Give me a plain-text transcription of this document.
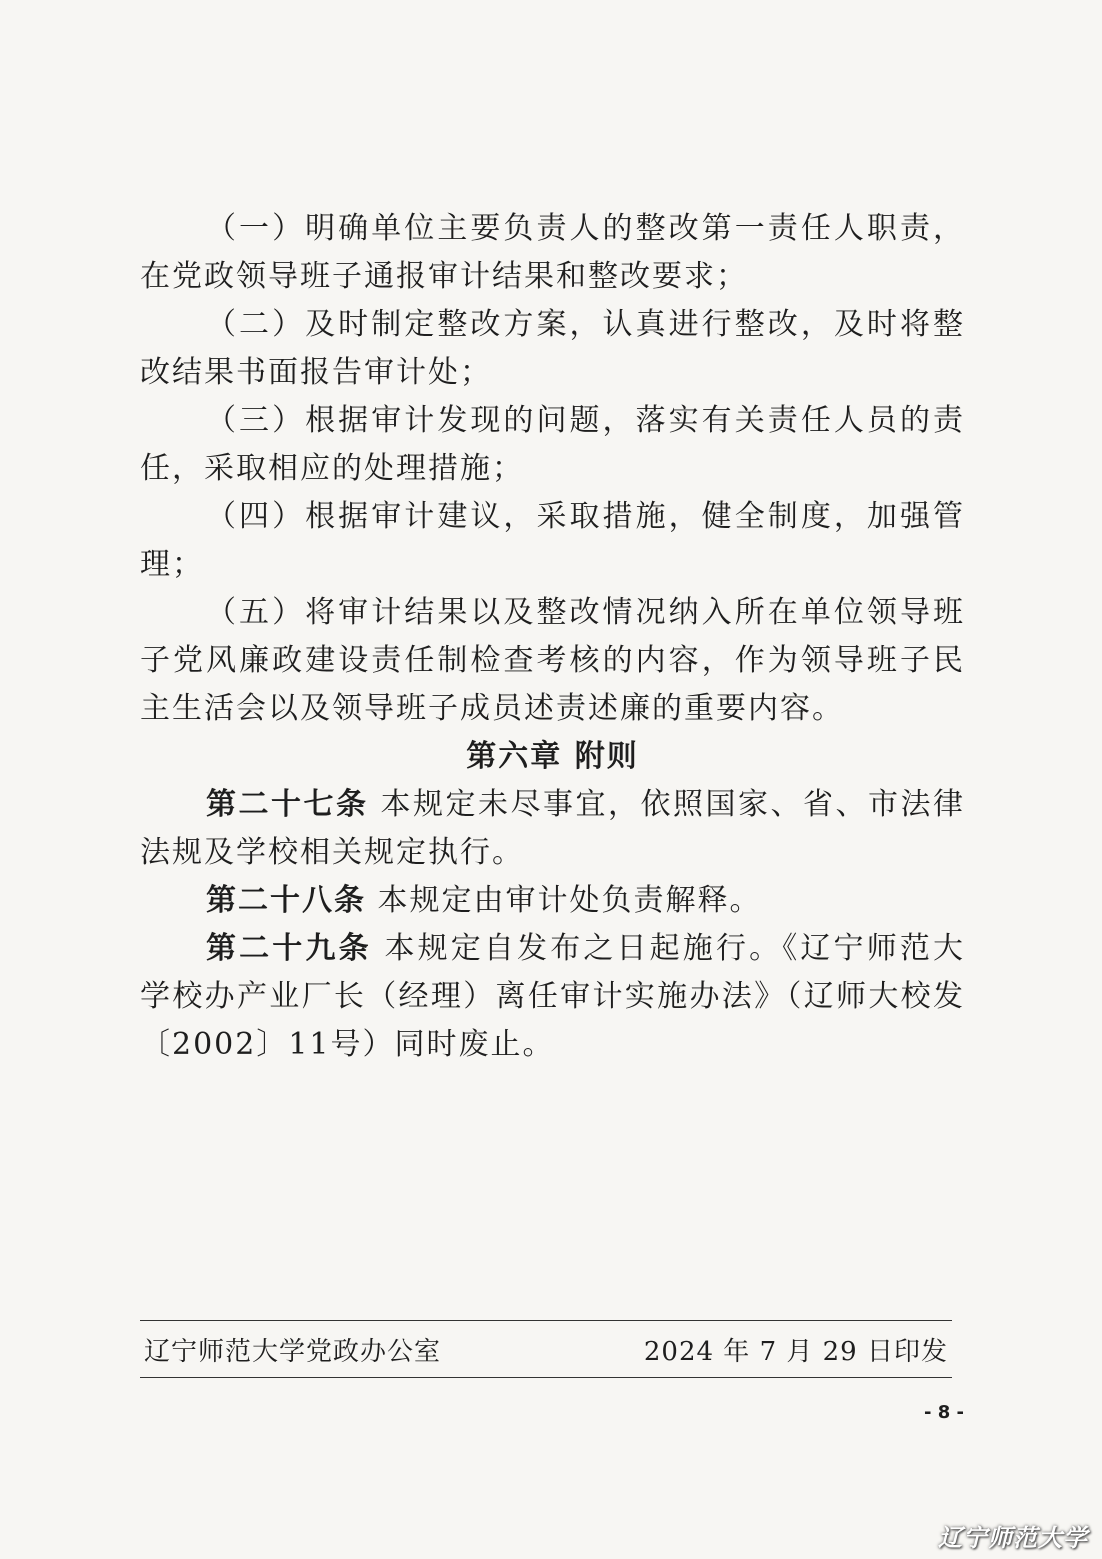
（一）明确单位主要负责人的整改第一责任人职责，在党政领导班子通报审计结果和整改要求；

（二）及时制定整改方案，认真进行整改，及时将整改结果书面报告审计处；

（三）根据审计发现的问题，落实有关责任人员的责任，采取相应的处理措施；

（四）根据审计建议，采取措施，健全制度，加强管理；

（五）将审计结果以及整改情况纳入所在单位领导班子党风廉政建设责任制检查考核的内容，作为领导班子民主生活会以及领导班子成员述责述廉的重要内容。

第六章 附则

第二十七条 本规定未尽事宜，依照国家、省、市法律法规及学校相关规定执行。

第二十八条 本规定由审计处负责解释。

第二十九条 本规定自发布之日起施行。《辽宁师范大学校办产业厂长（经理）离任审计实施办法》（辽师大校发〔2002〕11号）同时废止。

辽宁师范大学党政办公室	2024 年 7 月 29 日印发
- 8 -
辽宁师范大学
